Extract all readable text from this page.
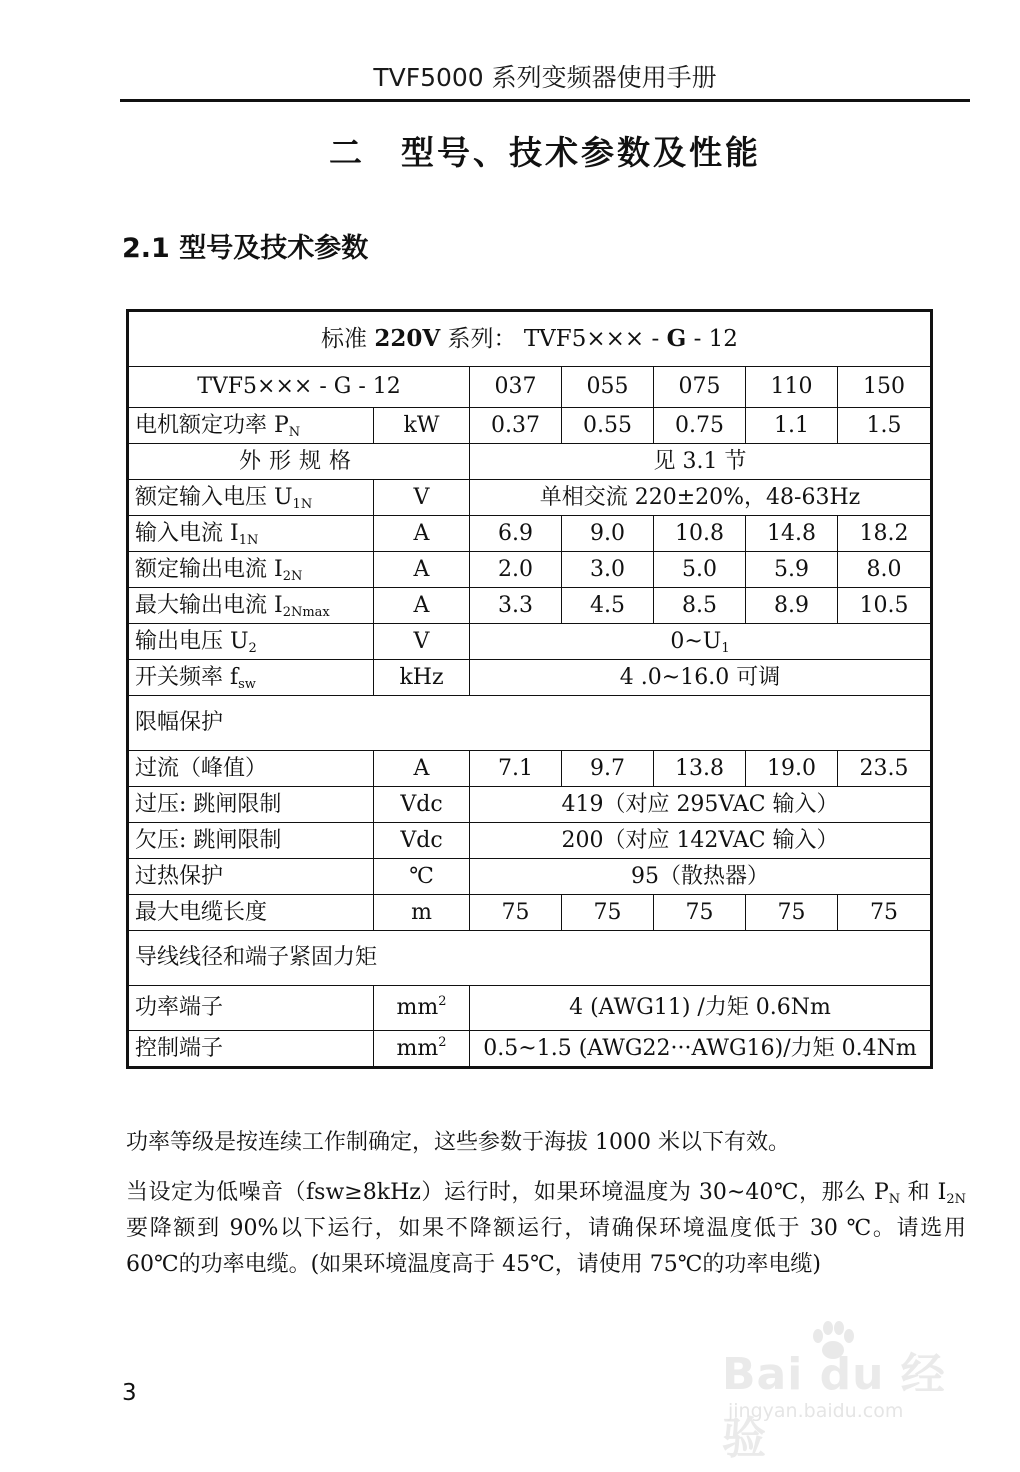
TVF5000 系列变频器使用手册
二 型号、技术参数及性能
2.1 型号及技术参数
标准 220V 系列： TVF5××× - G - 12						
TVF5××× - G - 12		037	055	075	110	150
电机额定功率 $P_N$	kW	0.37	0.55	0.75	1.1	1.5
外形规格		见 3.1 节				
额定输入电压 $U_{1N}$	V	单相交流 220±20%，48-63Hz				
输入电流 $I_{1N}$	A	6.9	9.0	10.8	14.8	18.2
额定输出电流 $I_{2N}$	A	2.0	3.0	5.0	5.9	8.0
最大输出电流 $I_{2Nmax}$	A	3.3	4.5	8.5	8.9	10.5
输出电压 $U_2$	V	$0\sim U_1$
开关频率 $f_{sw}$	kHz	4 .0~16.0 可调				
限幅保护						
过流（峰值）	A	7.1	9.7	13.8	19.0	23.5
过压: 跳闸限制	Vdc	419（对应 295VAC 输入）				
欠压: 跳闸限制	Vdc	200（对应 142VAC 输入）				
过热保护	℃	95（散热器）				
最大电缆长度	m	75	75	75	75	75
导线线径和端子紧固力矩						
功率端子	$mm^2$	4 (AWG11) /力矩 0.6Nm				
控制端子	$mm^2$	0.5~1.5 (AWG22···AWG16)/力矩 0.4Nm				
功率等级是按连续工作制确定，这些参数于海拔 1000 米以下有效。
当设定为低噪音（fsw≥8kHz）运行时，如果环境温度为 30~40℃，那么 $P_N$ 和 $I_{2N}$ 要降额到 90%以下运行，如果不降额运行，请确保环境温度低于 30 ℃。请选用 60℃的功率电缆。(如果环境温度高于 45℃，请使用 75℃的功率电缆)
3	Bai du 经验
jingyan.baidu.com
